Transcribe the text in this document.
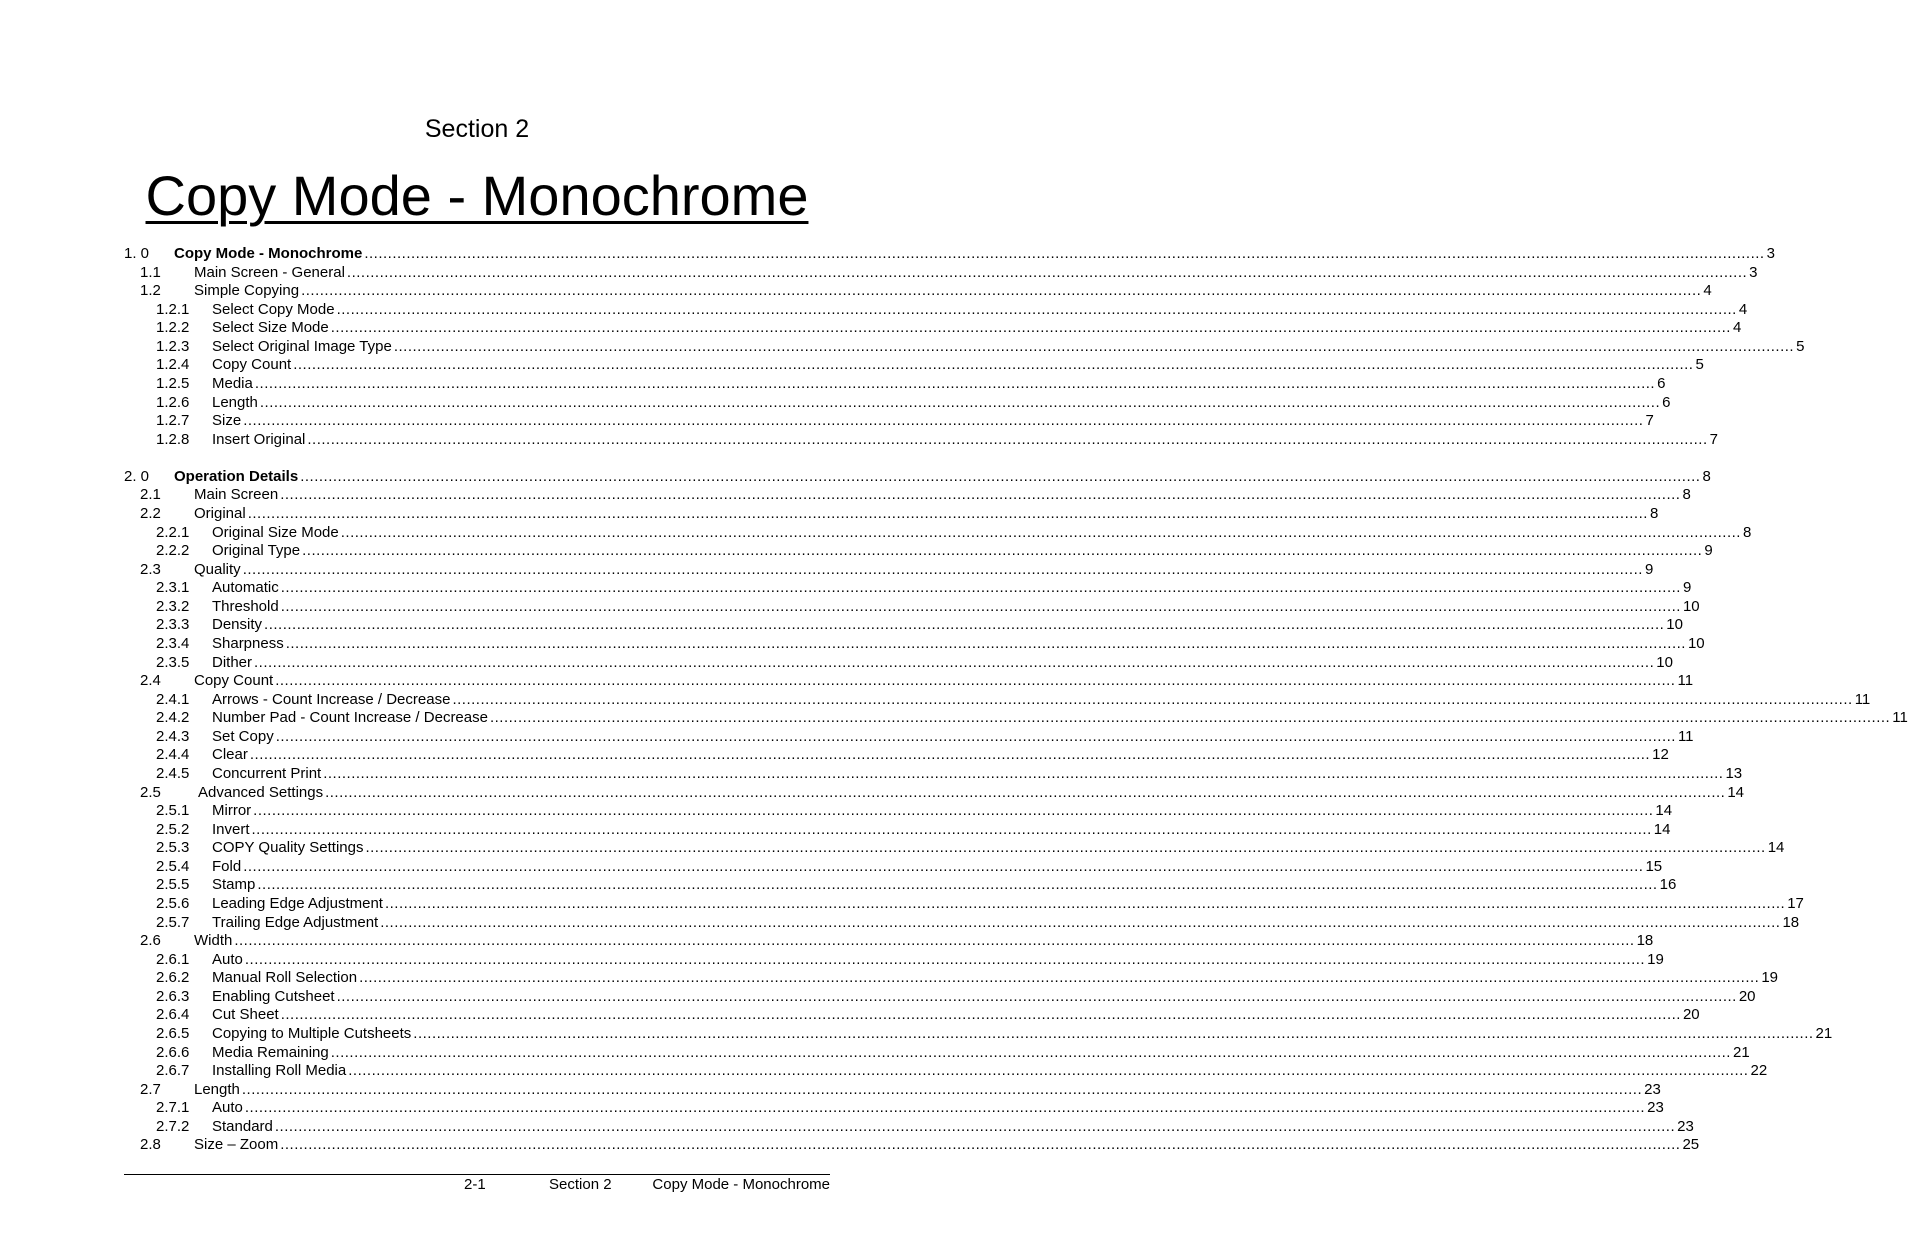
Section 2
Copy Mode - Monochrome
1. 0	Copy Mode - Monochrome ............................................................................................................................................................................................................................................................................................................ 3
1.1	Main Screen - General ............................................................................................................................................................................................................................................................................................................ 3
1.2	Simple Copying ............................................................................................................................................................................................................................................................................................................ 4
1.2.1	Select Copy Mode ............................................................................................................................................................................................................................................................................................................ 4
1.2.2	Select Size Mode ............................................................................................................................................................................................................................................................................................................ 4
1.2.3	Select Original Image Type ............................................................................................................................................................................................................................................................................................................ 5
1.2.4	Copy Count ............................................................................................................................................................................................................................................................................................................ 5
1.2.5	Media ............................................................................................................................................................................................................................................................................................................ 6
1.2.6	Length ............................................................................................................................................................................................................................................................................................................ 6
1.2.7	Size ............................................................................................................................................................................................................................................................................................................ 7
1.2.8	Insert Original ............................................................................................................................................................................................................................................................................................................ 7
2. 0	Operation Details ............................................................................................................................................................................................................................................................................................................ 8
2.1	Main Screen ............................................................................................................................................................................................................................................................................................................ 8
2.2	Original ............................................................................................................................................................................................................................................................................................................ 8
2.2.1	Original Size Mode ............................................................................................................................................................................................................................................................................................................ 8
2.2.2	Original Type ............................................................................................................................................................................................................................................................................................................ 9
2.3	Quality ............................................................................................................................................................................................................................................................................................................ 9
2.3.1	Automatic ............................................................................................................................................................................................................................................................................................................ 9
2.3.2	Threshold ............................................................................................................................................................................................................................................................................................................ 10
2.3.3	Density ............................................................................................................................................................................................................................................................................................................ 10
2.3.4	Sharpness ............................................................................................................................................................................................................................................................................................................ 10
2.3.5	Dither ............................................................................................................................................................................................................................................................................................................ 10
2.4	Copy Count ............................................................................................................................................................................................................................................................................................................ 11
2.4.1	Arrows - Count Increase / Decrease ............................................................................................................................................................................................................................................................................................................ 11
2.4.2	Number Pad - Count Increase / Decrease ............................................................................................................................................................................................................................................................................................................ 11
2.4.3	Set Copy ............................................................................................................................................................................................................................................................................................................ 11
2.4.4	Clear ............................................................................................................................................................................................................................................................................................................ 12
2.4.5	Concurrent Print ............................................................................................................................................................................................................................................................................................................ 13
2.5	Advanced Settings ............................................................................................................................................................................................................................................................................................................ 14
2.5.1	Mirror ............................................................................................................................................................................................................................................................................................................ 14
2.5.2	Invert ............................................................................................................................................................................................................................................................................................................ 14
2.5.3	COPY Quality Settings ............................................................................................................................................................................................................................................................................................................ 14
2.5.4	Fold ............................................................................................................................................................................................................................................................................................................ 15
2.5.5	Stamp ............................................................................................................................................................................................................................................................................................................ 16
2.5.6	Leading Edge Adjustment ............................................................................................................................................................................................................................................................................................................ 17
2.5.7	Trailing Edge Adjustment ............................................................................................................................................................................................................................................................................................................ 18
2.6	Width ............................................................................................................................................................................................................................................................................................................ 18
2.6.1	Auto ............................................................................................................................................................................................................................................................................................................ 19
2.6.2	Manual Roll Selection ............................................................................................................................................................................................................................................................................................................ 19
2.6.3	Enabling Cutsheet ............................................................................................................................................................................................................................................................................................................ 20
2.6.4	Cut Sheet ............................................................................................................................................................................................................................................................................................................ 20
2.6.5	Copying to Multiple Cutsheets ............................................................................................................................................................................................................................................................................................................ 21
2.6.6	Media Remaining ............................................................................................................................................................................................................................................................................................................ 21
2.6.7	Installing Roll Media ............................................................................................................................................................................................................................................................................................................ 22
2.7	Length ............................................................................................................................................................................................................................................................................................................ 23
2.7.1	Auto ............................................................................................................................................................................................................................................................................................................ 23
2.7.2	Standard ............................................................................................................................................................................................................................................................................................................ 23
2.8	Size – Zoom ............................................................................................................................................................................................................................................................................................................ 25
2-1	Section 2	Copy Mode - Monochrome
